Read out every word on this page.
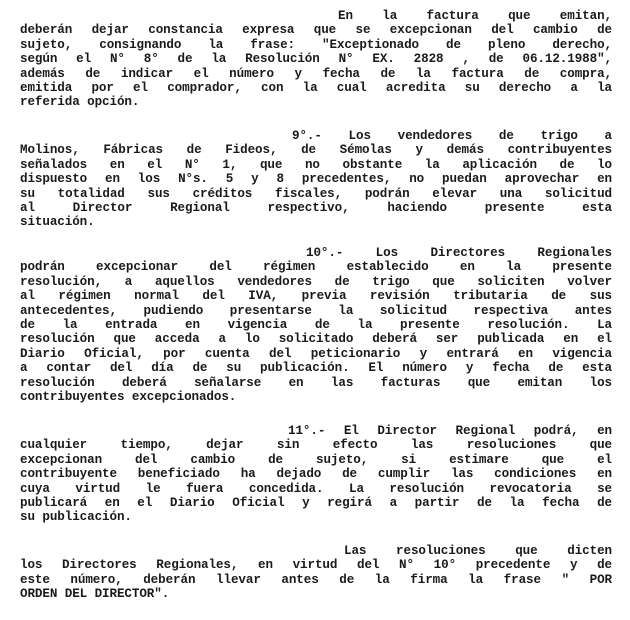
En la factura que emitan,
deberán dejar constancia expresa que se excepcionan del cambio de
sujeto, consignando la frase: "Exceptionado de pleno derecho,
según el N° 8° de la Resolución N° EX. 2828 , de 06.12.1988",
además de indicar el número y fecha de la factura de compra,
emitida por el comprador, con la cual acredita su derecho a la
referida opción.
9°.- Los vendedores de trigo a
Molinos, Fábricas de Fideos, de Sémolas y demás contribuyentes
señalados en el N° 1, que no obstante la aplicación de lo
dispuesto en los N°s. 5 y 8 precedentes, no puedan aprovechar en
su totalidad sus créditos fiscales, podrán elevar una solicitud
al Director Regional respectivo, haciendo presente esta
situación.
10°.- Los Directores Regionales
podrán excepcionar del régimen establecido en la presente
resolución, a aquellos vendedores de trigo que soliciten volver
al régimen normal del IVA, previa revisión tributaria de sus
antecedentes, pudiendo presentarse la solicitud respectiva antes
de la entrada en vigencia de la presente resolución. La
resolución que acceda a lo solicitado deberá ser publicada en el
Diario Oficial, por cuenta del peticionario y entrará en vigencia
a contar del día de su publicación. El número y fecha de esta
resolución deberá señalarse en las facturas que emitan los
contribuyentes excepcionados.
11°.- El Director Regional podrá, en
cualquier tiempo, dejar sin efecto las resoluciones que
excepcionan del cambio de sujeto, si estimare que el
contribuyente beneficiado ha dejado de cumplir las condiciones en
cuya virtud le fuera concedida. La resolución revocatoria se
publicará en el Diario Oficial y regirá a partir de la fecha de
su publicación.
Las resoluciones que dicten
los Directores Regionales, en virtud del N° 10° precedente y de
este número, deberán llevar antes de la firma la frase " POR
ORDEN DEL DIRECTOR".
